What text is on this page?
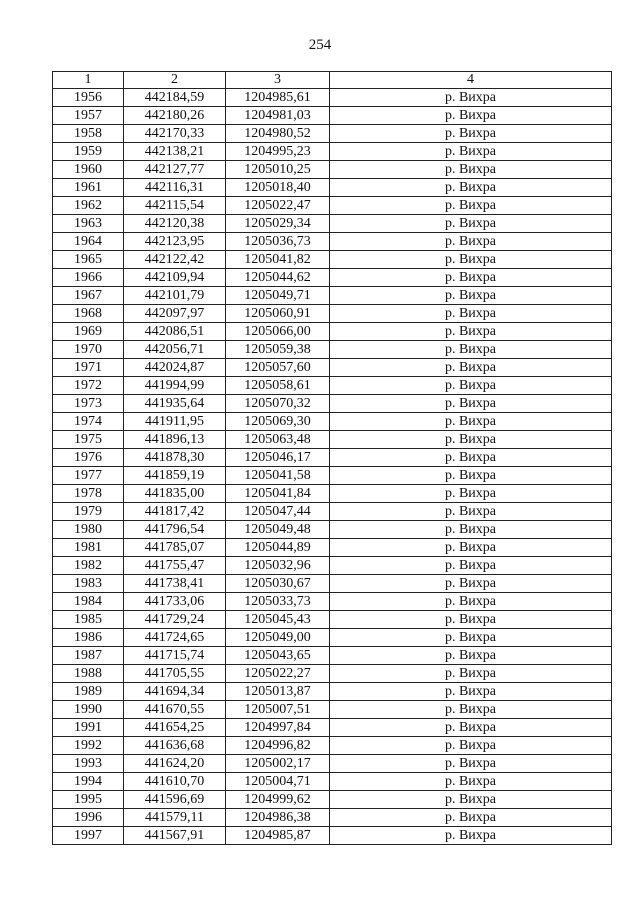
254
1	2	3	4
1956	442184,59	1204985,61	р. Вихра
1957	442180,26	1204981,03	р. Вихра
1958	442170,33	1204980,52	р. Вихра
1959	442138,21	1204995,23	р. Вихра
1960	442127,77	1205010,25	р. Вихра
1961	442116,31	1205018,40	р. Вихра
1962	442115,54	1205022,47	р. Вихра
1963	442120,38	1205029,34	р. Вихра
1964	442123,95	1205036,73	р. Вихра
1965	442122,42	1205041,82	р. Вихра
1966	442109,94	1205044,62	р. Вихра
1967	442101,79	1205049,71	р. Вихра
1968	442097,97	1205060,91	р. Вихра
1969	442086,51	1205066,00	р. Вихра
1970	442056,71	1205059,38	р. Вихра
1971	442024,87	1205057,60	р. Вихра
1972	441994,99	1205058,61	р. Вихра
1973	441935,64	1205070,32	р. Вихра
1974	441911,95	1205069,30	р. Вихра
1975	441896,13	1205063,48	р. Вихра
1976	441878,30	1205046,17	р. Вихра
1977	441859,19	1205041,58	р. Вихра
1978	441835,00	1205041,84	р. Вихра
1979	441817,42	1205047,44	р. Вихра
1980	441796,54	1205049,48	р. Вихра
1981	441785,07	1205044,89	р. Вихра
1982	441755,47	1205032,96	р. Вихра
1983	441738,41	1205030,67	р. Вихра
1984	441733,06	1205033,73	р. Вихра
1985	441729,24	1205045,43	р. Вихра
1986	441724,65	1205049,00	р. Вихра
1987	441715,74	1205043,65	р. Вихра
1988	441705,55	1205022,27	р. Вихра
1989	441694,34	1205013,87	р. Вихра
1990	441670,55	1205007,51	р. Вихра
1991	441654,25	1204997,84	р. Вихра
1992	441636,68	1204996,82	р. Вихра
1993	441624,20	1205002,17	р. Вихра
1994	441610,70	1205004,71	р. Вихра
1995	441596,69	1204999,62	р. Вихра
1996	441579,11	1204986,38	р. Вихра
1997	441567,91	1204985,87	р. Вихра
